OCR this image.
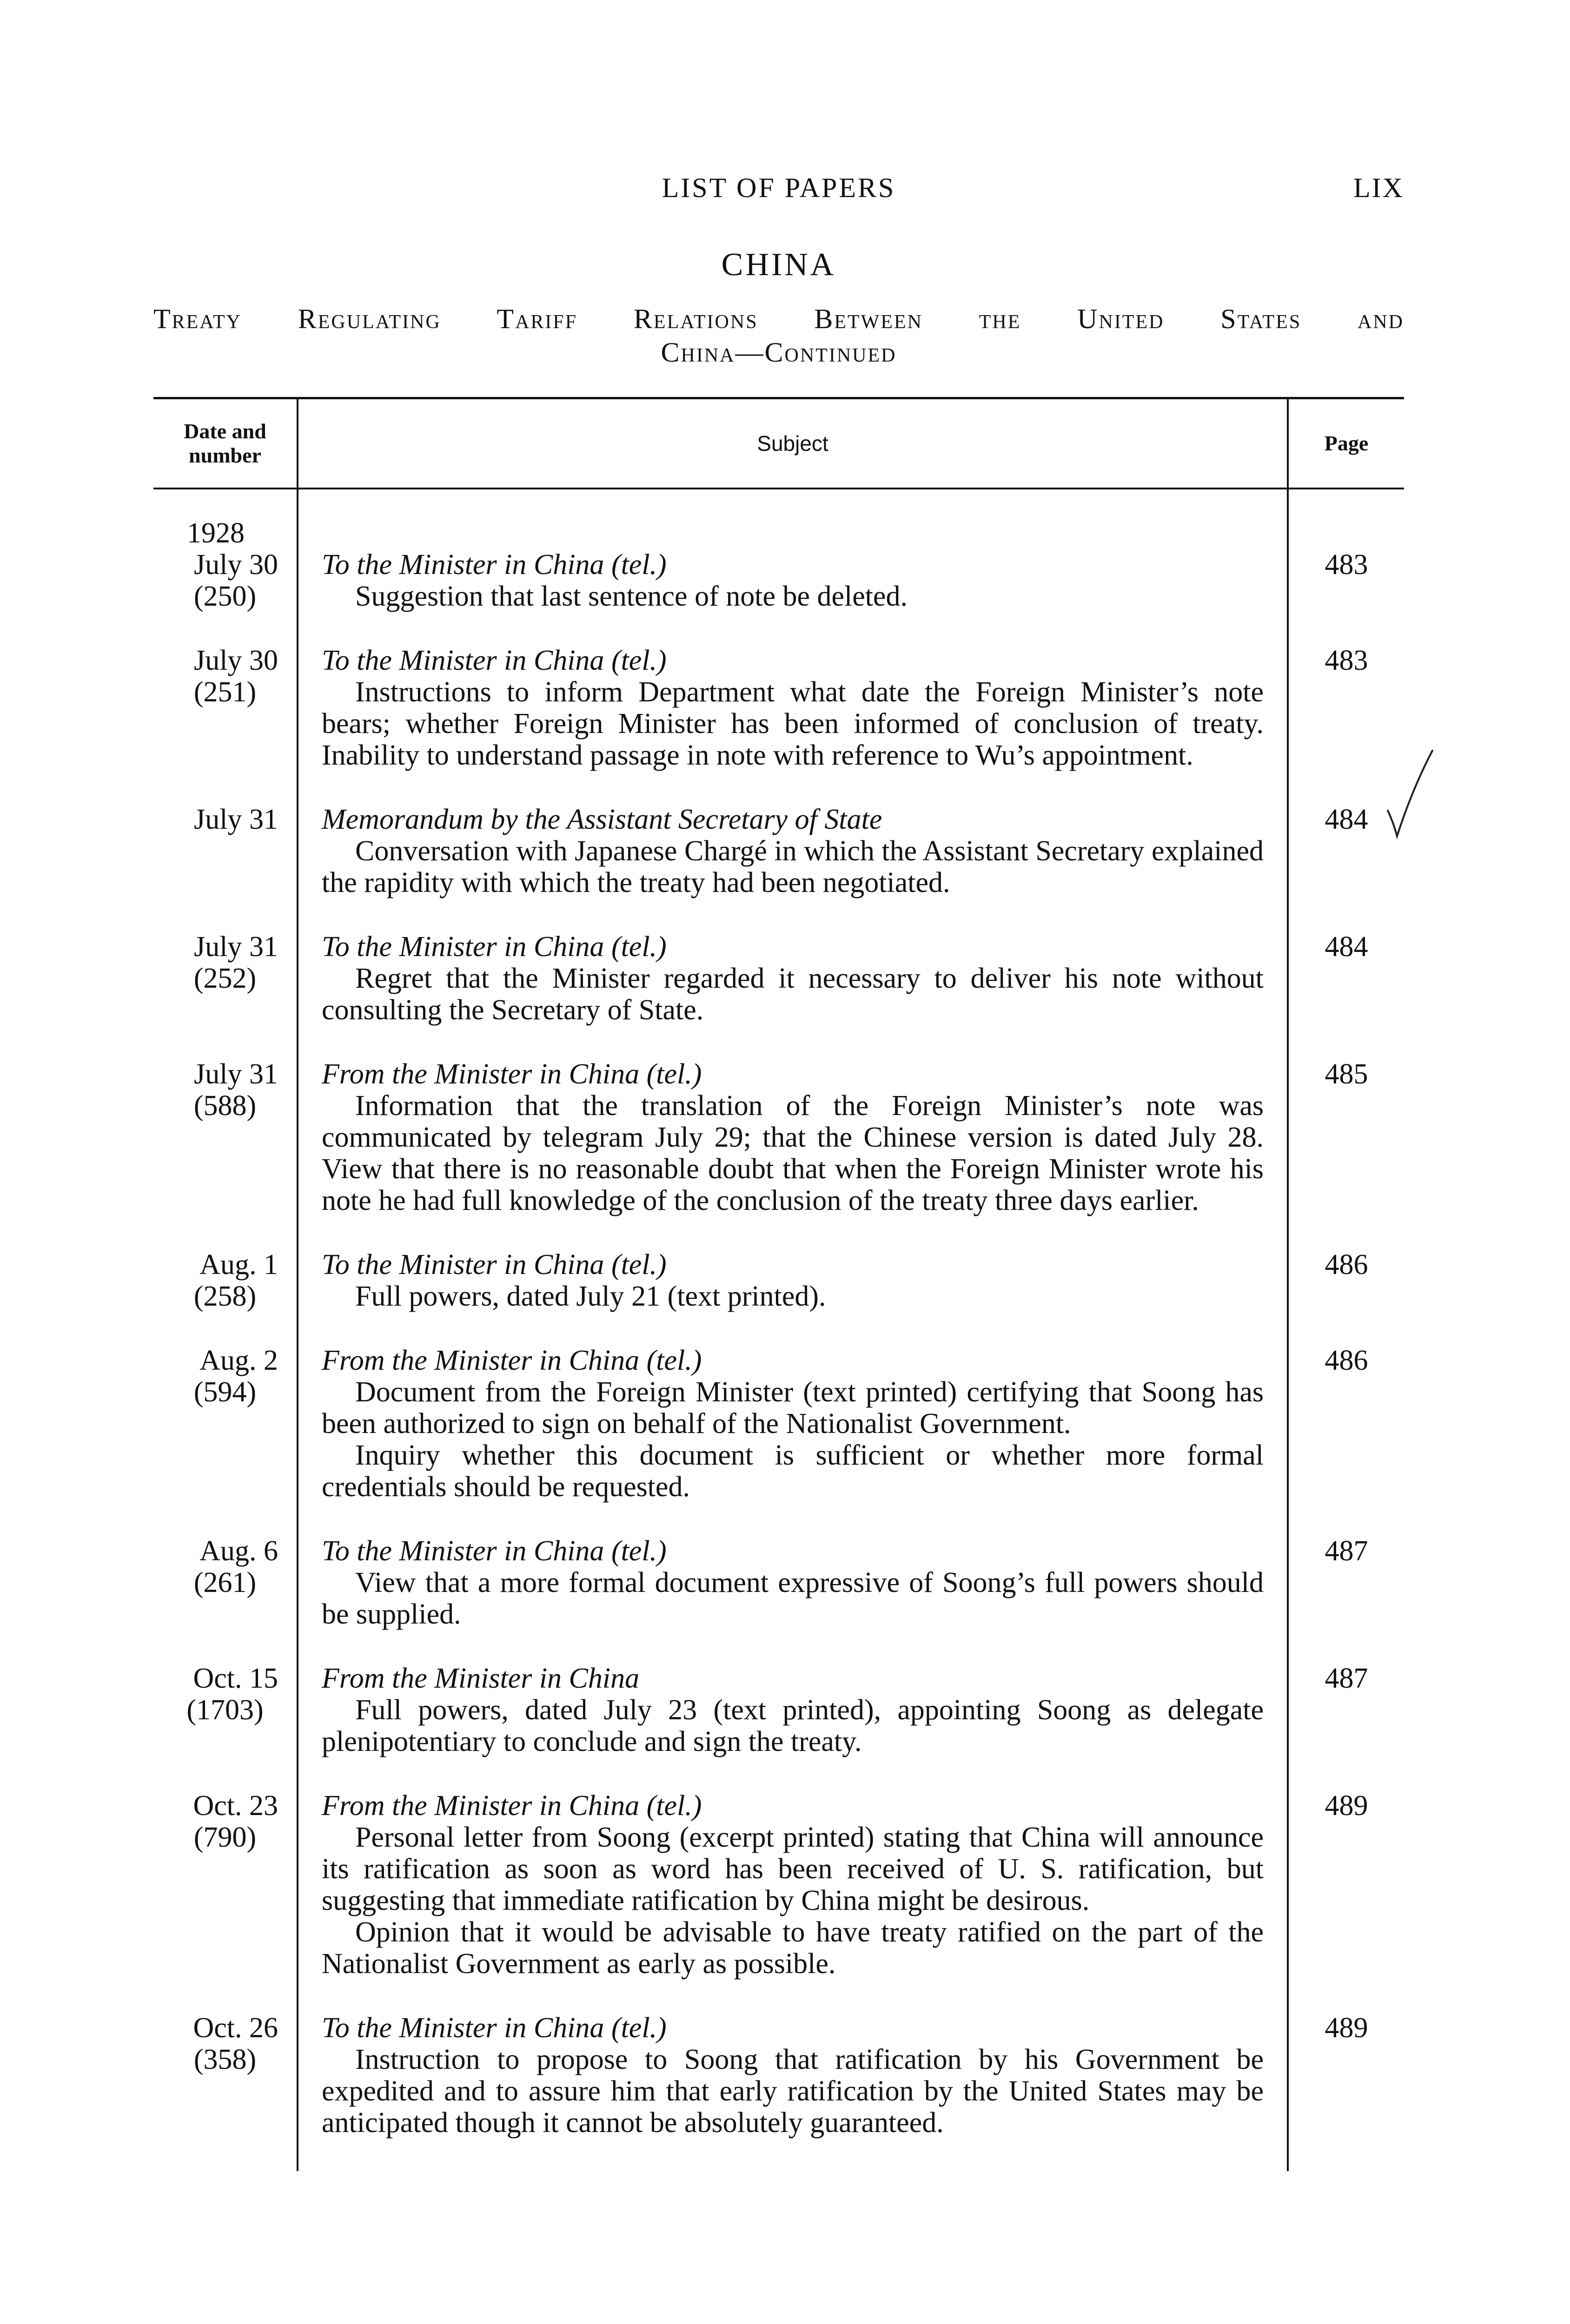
LIST OF PAPERS	LIX
CHINA
Treaty Regulating Tariff Relations Between the United States and
China—Continued
Date and
number	Subject	Page

1928
July 30
(250)	To the Minister in China (tel.)
Suggestion that last sentence of note be deleted.	483

July 30
(251)	To the Minister in China (tel.)
Instructions to inform Department what date the Foreign Minister’s note bears; whether Foreign Minister has been informed of conclusion of treaty. Inability to understand passage in note with reference to Wu’s appointment.	483

July 31	Memorandum by the Assistant Secretary of State
Conversation with Japanese Chargé in which the Assistant Secretary explained the rapidity with which the treaty had been negotiated.	484

July 31
(252)	To the Minister in China (tel.)
Regret that the Minister regarded it necessary to deliver his note without consulting the Secretary of State.	484

July 31
(588)	From the Minister in China (tel.)
Information that the translation of the Foreign Minister’s note was communicated by telegram July 29; that the Chinese version is dated July 28. View that there is no reasonable doubt that when the Foreign Minister wrote his note he had full knowledge of the conclusion of the treaty three days earlier.	485

Aug. 1
(258)	To the Minister in China (tel.)
Full powers, dated July 21 (text printed).	486

Aug. 2
(594)	From the Minister in China (tel.)
Document from the Foreign Minister (text printed) certifying that Soong has been authorized to sign on behalf of the Nationalist Government.
Inquiry whether this document is sufficient or whether more formal credentials should be requested.	486

Aug. 6
(261)	To the Minister in China (tel.)
View that a more formal document expressive of Soong’s full powers should be supplied.	487

Oct. 15
(1703)	From the Minister in China
Full powers, dated July 23 (text printed), appointing Soong as delegate plenipotentiary to conclude and sign the treaty.	487

Oct. 23
(790)	From the Minister in China (tel.)
Personal letter from Soong (excerpt printed) stating that China will announce its ratification as soon as word has been received of U. S. ratification, but suggesting that immediate ratification by China might be desirous.
Opinion that it would be advisable to have treaty ratified on the part of the Nationalist Government as early as possible.	489

Oct. 26
(358)	To the Minister in China (tel.)
Instruction to propose to Soong that ratification by his Government be expedited and to assure him that early ratification by the United States may be anticipated though it cannot be absolutely guaranteed.	489
